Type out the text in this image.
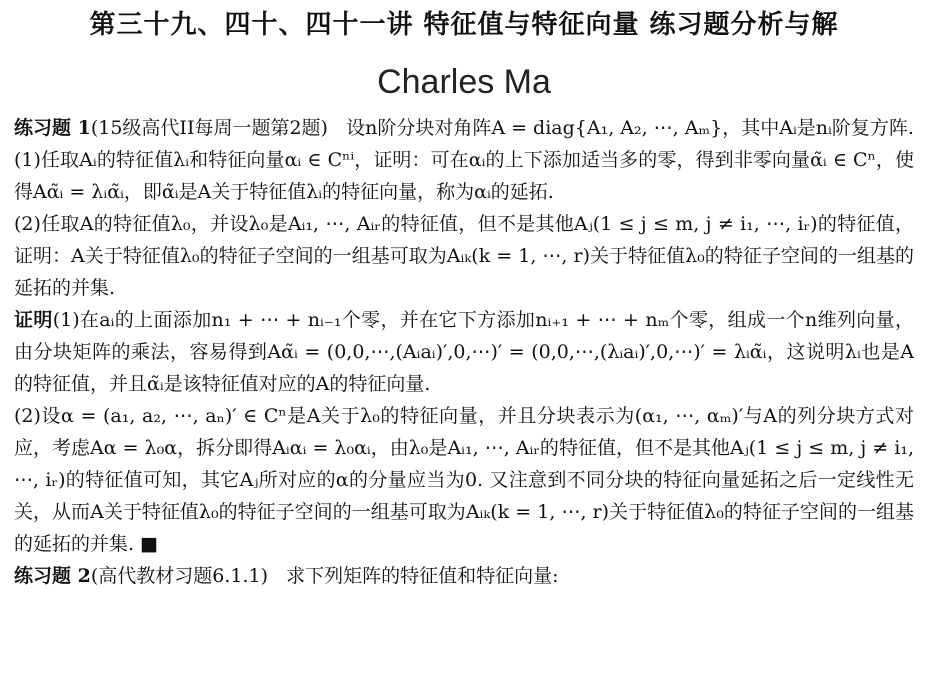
第三十九、四十、四十一讲 特征值与特征向量 练习题分析与解
Charles Ma

练习题 1(15级高代II每周一题第2题) 设n阶分块对角阵A = diag{A₁, A₂, ⋯, Aₘ}，其中Aᵢ是nᵢ阶复方阵.

(1)任取Aᵢ的特征值λᵢ和特征向量αᵢ ∈ Cⁿⁱ，证明：可在αᵢ的上下添加适当多的零，得到非零向量α̃ᵢ ∈ Cⁿ，使得Aα̃ᵢ = λᵢα̃ᵢ，即α̃ᵢ是A关于特征值λᵢ的特征向量，称为αᵢ的延拓.

(2)任取A的特征值λ₀，并设λ₀是Aᵢ₁, ⋯, Aᵢᵣ的特征值，但不是其他Aⱼ(1 ≤ j ≤ m, j ≠ i₁, ⋯, iᵣ)的特征值，证明：A关于特征值λ₀的特征子空间的一组基可取为Aᵢₖ(k = 1, ⋯, r)关于特征值λ₀的特征子空间的一组基的延拓的并集.

证明(1)在aᵢ的上面添加n₁ + ⋯ + nᵢ₋₁个零，并在它下方添加nᵢ₊₁ + ⋯ + nₘ个零，组成一个n维列向量，由分块矩阵的乘法，容易得到Aα̃ᵢ = (0,0,⋯,(Aᵢaᵢ)′,0,⋯)′ = (0,0,⋯,(λᵢaᵢ)′,0,⋯)′ = λᵢα̃ᵢ，这说明λᵢ也是A的特征值，并且α̃ᵢ是该特征值对应的A的特征向量.

(2)设α = (a₁, a₂, ⋯, aₙ)′ ∈ Cⁿ是A关于λ₀的特征向量，并且分块表示为(α₁, ⋯, αₘ)′与A的列分块方式对应，考虑Aα = λ₀α，拆分即得Aᵢαᵢ = λ₀αᵢ，由λ₀是Aᵢ₁, ⋯, Aᵢᵣ的特征值，但不是其他Aⱼ(1 ≤ j ≤ m, j ≠ i₁, ⋯, iᵣ)的特征值可知，其它Aⱼ所对应的α的分量应当为0. 又注意到不同分块的特征向量延拓之后一定线性无关，从而A关于特征值λ₀的特征子空间的一组基可取为Aᵢₖ(k = 1, ⋯, r)关于特征值λ₀的特征子空间的一组基的延拓的并集. ■

练习题 2(高代教材习题6.1.1) 求下列矩阵的特征值和特征向量:
